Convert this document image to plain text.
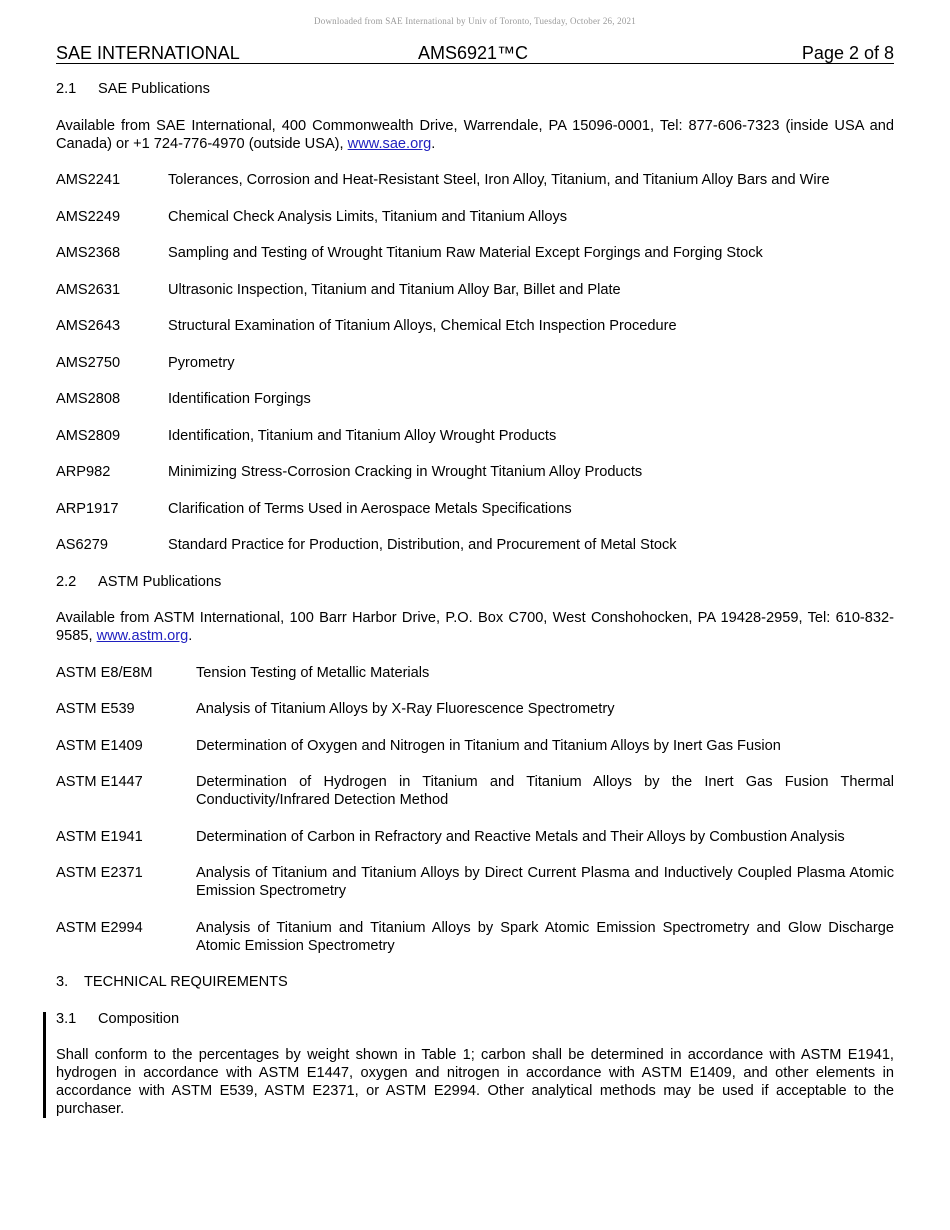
Downloaded from SAE International by Univ of Toronto, Tuesday, October 26, 2021
SAE INTERNATIONAL	AMS6921™C	Page 2 of 8
2.1 SAE Publications
Available from SAE International, 400 Commonwealth Drive, Warrendale, PA 15096-0001, Tel: 877-606-7323 (inside USA and Canada) or +1 724-776-4970 (outside USA), www.sae.org.
AMS2241	Tolerances, Corrosion and Heat-Resistant Steel, Iron Alloy, Titanium, and Titanium Alloy Bars and Wire
AMS2249	Chemical Check Analysis Limits, Titanium and Titanium Alloys
AMS2368	Sampling and Testing of Wrought Titanium Raw Material Except Forgings and Forging Stock
AMS2631	Ultrasonic Inspection, Titanium and Titanium Alloy Bar, Billet and Plate
AMS2643	Structural Examination of Titanium Alloys, Chemical Etch Inspection Procedure
AMS2750	Pyrometry
AMS2808	Identification Forgings
AMS2809	Identification, Titanium and Titanium Alloy Wrought Products
ARP982	Minimizing Stress-Corrosion Cracking in Wrought Titanium Alloy Products
ARP1917	Clarification of Terms Used in Aerospace Metals Specifications
AS6279	Standard Practice for Production, Distribution, and Procurement of Metal Stock
2.2 ASTM Publications
Available from ASTM International, 100 Barr Harbor Drive, P.O. Box C700, West Conshohocken, PA 19428-2959, Tel: 610-832-9585, www.astm.org.
ASTM E8/E8M	Tension Testing of Metallic Materials
ASTM E539	Analysis of Titanium Alloys by X-Ray Fluorescence Spectrometry
ASTM E1409	Determination of Oxygen and Nitrogen in Titanium and Titanium Alloys by Inert Gas Fusion
ASTM E1447	Determination of Hydrogen in Titanium and Titanium Alloys by the Inert Gas Fusion Thermal Conductivity/Infrared Detection Method
ASTM E1941	Determination of Carbon in Refractory and Reactive Metals and Their Alloys by Combustion Analysis
ASTM E2371	Analysis of Titanium and Titanium Alloys by Direct Current Plasma and Inductively Coupled Plasma Atomic Emission Spectrometry
ASTM E2994	Analysis of Titanium and Titanium Alloys by Spark Atomic Emission Spectrometry and Glow Discharge Atomic Emission Spectrometry
3. TECHNICAL REQUIREMENTS
3.1 Composition
Shall conform to the percentages by weight shown in Table 1; carbon shall be determined in accordance with ASTM E1941, hydrogen in accordance with ASTM E1447, oxygen and nitrogen in accordance with ASTM E1409, and other elements in accordance with ASTM E539, ASTM E2371, or ASTM E2994. Other analytical methods may be used if acceptable to the purchaser.
